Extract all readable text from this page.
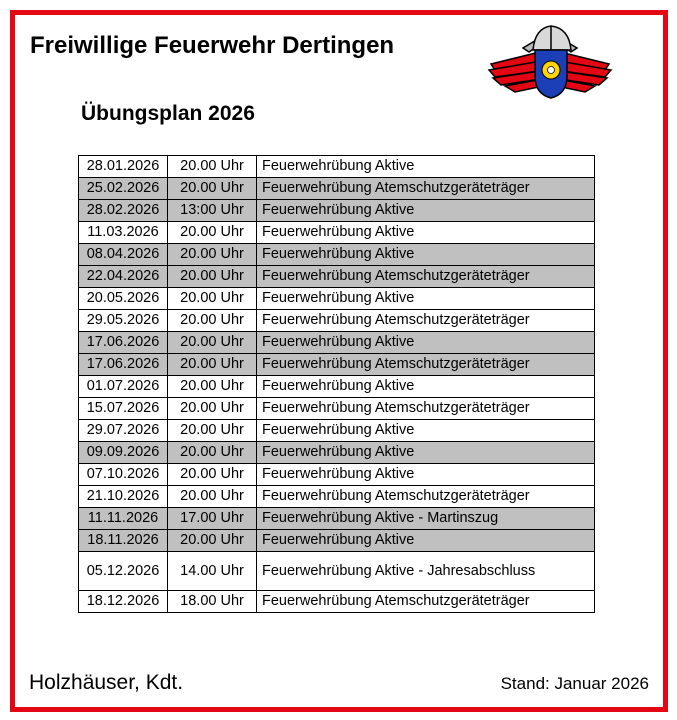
Freiwillige Feuerwehr Dertingen
Übungsplan 2026
28.01.2026	20.00 Uhr	Feuerwehrübung Aktive
25.02.2026	20.00 Uhr	Feuerwehrübung Atemschutzgeräteträger
28.02.2026	13:00 Uhr	Feuerwehrübung Aktive
11.03.2026	20.00 Uhr	Feuerwehrübung Aktive
08.04.2026	20.00 Uhr	Feuerwehrübung Aktive
22.04.2026	20.00 Uhr	Feuerwehrübung Atemschutzgeräteträger
20.05.2026	20.00 Uhr	Feuerwehrübung Aktive
29.05.2026	20.00 Uhr	Feuerwehrübung Atemschutzgeräteträger
17.06.2026	20.00 Uhr	Feuerwehrübung Aktive
17.06.2026	20.00 Uhr	Feuerwehrübung Atemschutzgeräteträger
01.07.2026	20.00 Uhr	Feuerwehrübung Aktive
15.07.2026	20.00 Uhr	Feuerwehrübung Atemschutzgeräteträger
29.07.2026	20.00 Uhr	Feuerwehrübung Aktive
09.09.2026	20.00 Uhr	Feuerwehrübung Aktive
07.10.2026	20.00 Uhr	Feuerwehrübung Aktive
21.10.2026	20.00 Uhr	Feuerwehrübung Atemschutzgeräteträger
11.11.2026	17.00 Uhr	Feuerwehrübung Aktive - Martinszug
18.11.2026	20.00 Uhr	Feuerwehrübung Aktive
05.12.2026	14.00 Uhr	Feuerwehrübung Aktive - Jahresabschluss
18.12.2026	18.00 Uhr	Feuerwehrübung Atemschutzgeräteträger
Holzhäuser, Kdt.	Stand: Januar 2026
